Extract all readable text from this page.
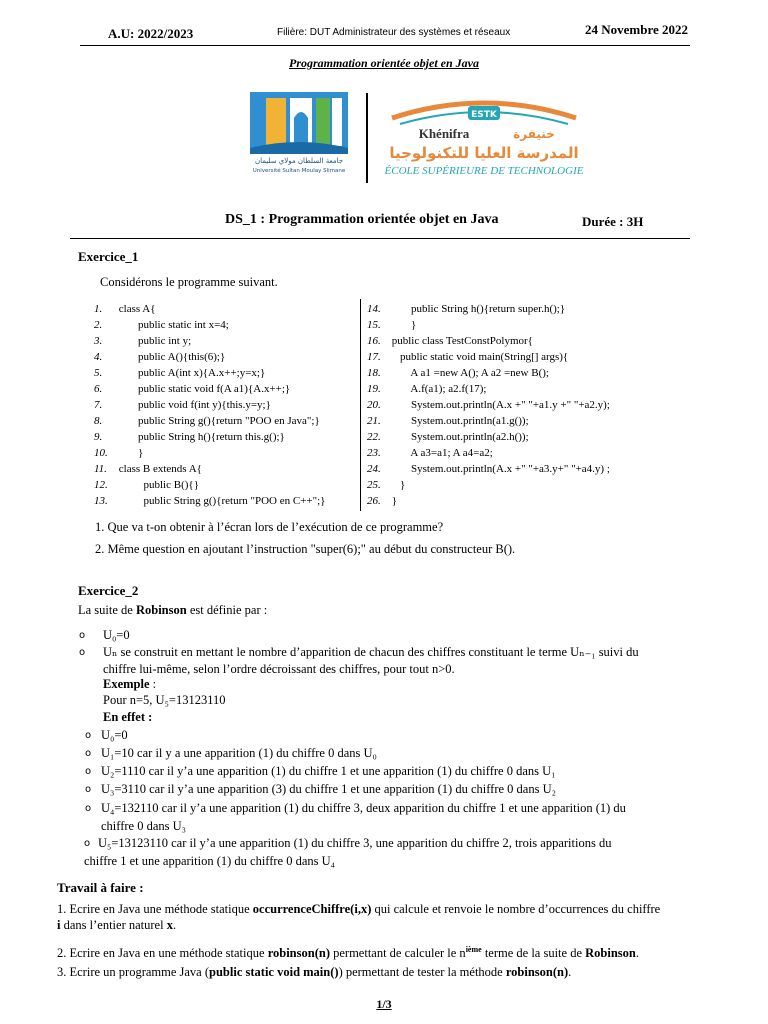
A.U: 2022/2023	Filière: DUT Administrateur des systèmes et réseaux	24 Novembre 2022
Programmation orientée objet en Java
جامعة السلطان مولاي سليمان
Université Sultan Moulay Slimane
ESTK
Khénifra	خنيفرة
المدرسة العليا للتكنولوجيا
ÉCOLE SUPÉRIEURE DE TECHNOLOGIE
DS_1 : Programmation orientée objet en Java	Durée : 3H
Exercice_1
Considérons le programme suivant.
1. class A{
2.        public static int x=4;
3.        public int y;
4.        public A(){this(6);}
5.        public A(int x){A.x++;y=x;}
6.        public static void f(A a1){A.x++;}
7.        public void f(int y){this.y=y;}
8.        public String g(){return "POO en Java";}
9.        public String h(){return this.g();}
10.        }
11. class B extends A{
12.          public B(){}
13.          public String g(){return "POO en C++";}
14.        public String h(){return super.h();}
15.        }
16. public class TestConstPolymor{
17.    public static void main(String[] args){
18.        A a1 =new A(); A a2 =new B();
19.        A.f(a1); a2.f(17);
20.        System.out.println(A.x +" "+a1.y +" "+a2.y);
21.        System.out.println(a1.g());
22.        System.out.println(a2.h());
23.        A a3=a1; A a4=a2;
24.        System.out.println(A.x +" "+a3.y+" "+a4.y) ;
25.    }
26. }
1. Que va t-on obtenir à l’écran lors de l’exécution de ce programme?
2. Même question en ajoutant l’instruction "super(6);" au début du constructeur B().
Exercice_2
La suite de Robinson est définie par :
o U₀=0
o Uₙ se construit en mettant le nombre d’apparition de chacun des chiffres constituant le terme Uₙ₋₁ suivi du
chiffre lui-même, selon l’ordre décroissant des chiffres, pour tout n>0.
Exemple :
Pour n=5, U₅=13123110
En effet :
o U₀=0
o U₁=10 car il y a une apparition (1) du chiffre 0 dans U₀
o U₂=1110 car il y’a une apparition (1) du chiffre 1 et une apparition (1) du chiffre 0 dans U₁
o U₃=3110 car il y’a une apparition (3) du chiffre 1 et une apparition (1) du chiffre 0 dans U₂
o U₄=132110 car il y’a une apparition (1) du chiffre 3, deux apparition du chiffre 1 et une apparition (1) du
chiffre 0 dans U₃
o U₅=13123110 car il y’a une apparition (1) du chiffre 3, une apparition du chiffre 2, trois apparitions du
chiffre 1 et une apparition (1) du chiffre 0 dans U₄
Travail à faire :
1. Ecrire en Java une méthode statique occurrenceChiffre(i,x) qui calcule et renvoie le nombre d’occurrences du chiffre
i dans l’entier naturel x.
2. Ecrire en Java en une méthode statique robinson(n) permettant de calculer le $n^{ième}$ terme de la suite de Robinson.
3. Ecrire un programme Java (public static void main()) permettant de tester la méthode robinson(n).
1/3
